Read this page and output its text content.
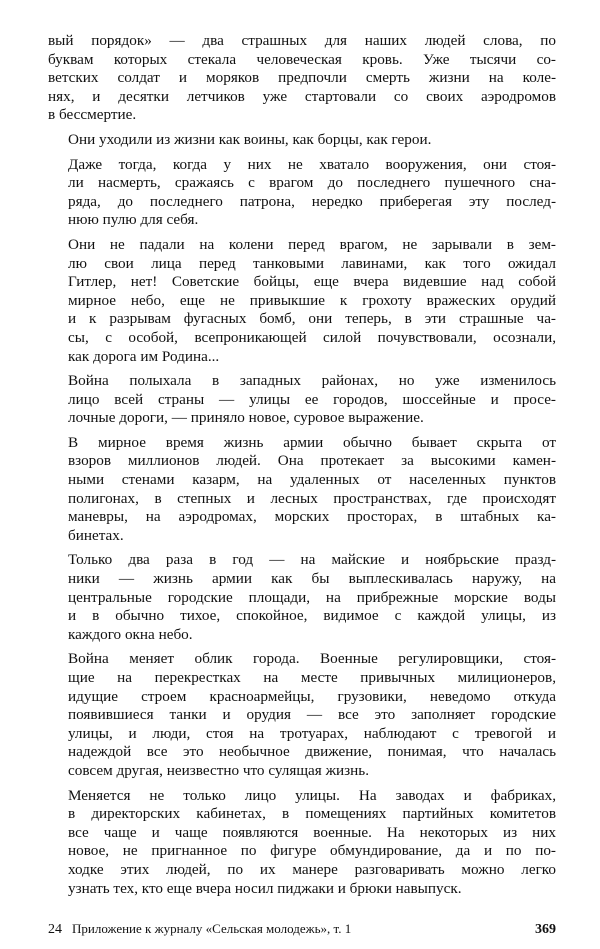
вый порядок» — два страшных для наших людей слова, по
буквам которых стекала человеческая кровь. Уже тысячи со-
ветских солдат и моряков предпочли смерть жизни на коле-
нях, и десятки летчиков уже стартовали со своих аэродромов
в бессмертие.
Они уходили из жизни как воины, как борцы, как герои.
Даже тогда, когда у них не хватало вооружения, они стоя-
ли насмерть, сражаясь с врагом до последнего пушечного сна-
ряда, до последнего патрона, нередко приберегая эту послед-
нюю пулю для себя.
Они не падали на колени перед врагом, не зарывали в зем-
лю свои лица перед танковыми лавинами, как того ожидал
Гитлер, нет! Советские бойцы, еще вчера видевшие над собой
мирное небо, еще не привыкшие к грохоту вражеских орудий
и к разрывам фугасных бомб, они теперь, в эти страшные ча-
сы, с особой, всепроникающей силой почувствовали, осознали,
как дорога им Родина...
Война полыхала в западных районах, но уже изменилось
лицо всей страны — улицы ее городов, шоссейные и просе-
лочные дороги, — приняло новое, суровое выражение.
В мирное время жизнь армии обычно бывает скрыта от
взоров миллионов людей. Она протекает за высокими камен-
ными стенами казарм, на удаленных от населенных пунктов
полигонах, в степных и лесных пространствах, где происходят
маневры, на аэродромах, морских просторах, в штабных ка-
бинетах.
Только два раза в год — на майские и ноябрьские празд-
ники — жизнь армии как бы выплескивалась наружу, на
центральные городские площади, на прибрежные морские воды
и в обычно тихое, спокойное, видимое с каждой улицы, из
каждого окна небо.
Война меняет облик города. Военные регулировщики, стоя-
щие на перекрестках на месте привычных милиционеров,
идущие строем красноармейцы, грузовики, неведомо откуда
появившиеся танки и орудия — все это заполняет городские
улицы, и люди, стоя на тротуарах, наблюдают с тревогой и
надеждой все это необычное движение, понимая, что началась
совсем другая, неизвестно что сулящая жизнь.
Меняется не только лицо улицы. На заводах и фабриках,
в директорских кабинетах, в помещениях партийных комитетов
все чаще и чаще появляются военные. На некоторых из них
новое, не пригнанное по фигуре обмундирование, да и по по-
ходке этих людей, по их манере разговаривать можно легко
узнать тех, кто еще вчера носил пиджаки и брюки навыпуск.
24 Приложение к журналу «Сельская молодежь», т. 1	369
